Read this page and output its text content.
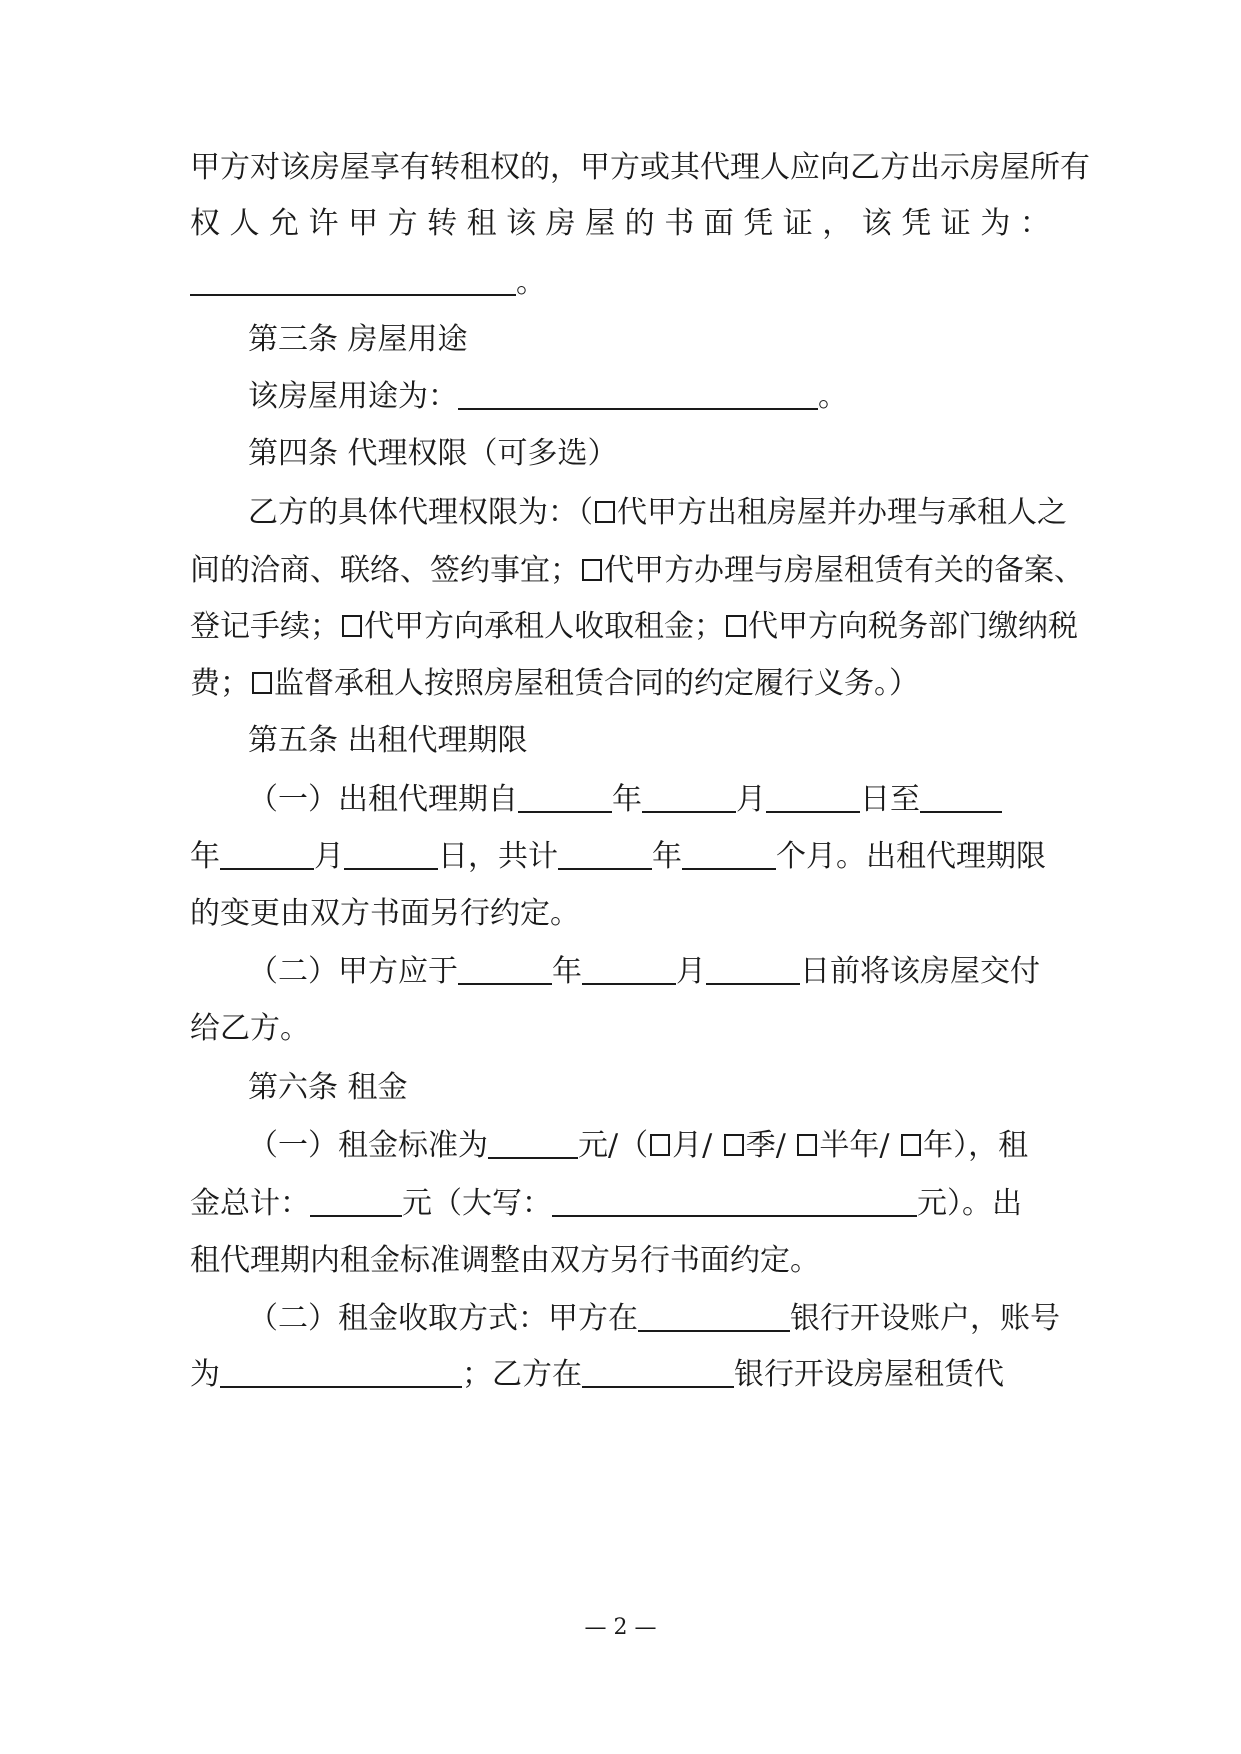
甲方对该房屋享有转租权的，甲方或其代理人应向乙方出示房屋所有
权 人 允 许 甲 方 转 租 该 房 屋 的 书 面 凭 证 ， 该 凭 证 为 ：
。
第三条 房屋用途
该房屋用途为：	。
第四条 代理权限（可多选）
乙方的具体代理权限为：（ 代甲方出租房屋并办理与承租人之
间的洽商、联络、签约事宜； 代甲方办理与房屋租赁有关的备案、
登记手续； 代甲方向承租人收取租金； 代甲方向税务部门缴纳税
费； 监督承租人按照房屋租赁合同的约定履行义务。）
第五条 出租代理期限
（一）出租代理期自	年	月	日至
年	月	日，共计	年	个月。出租代理期限
的变更由双方书面另行约定。
（二）甲方应于	年	月	日前将该房屋交付
给乙方。
第六条 租金
（一）租金标准为	元/（ 月/ 季/ 半年/ 年），租
金总计：	元（大写：	元）。出
租代理期内租金标准调整由双方另行书面约定。
（二）租金收取方式：甲方在	银行开设账户，账号
为	；乙方在	银行开设房屋租赁代
— 2 —
